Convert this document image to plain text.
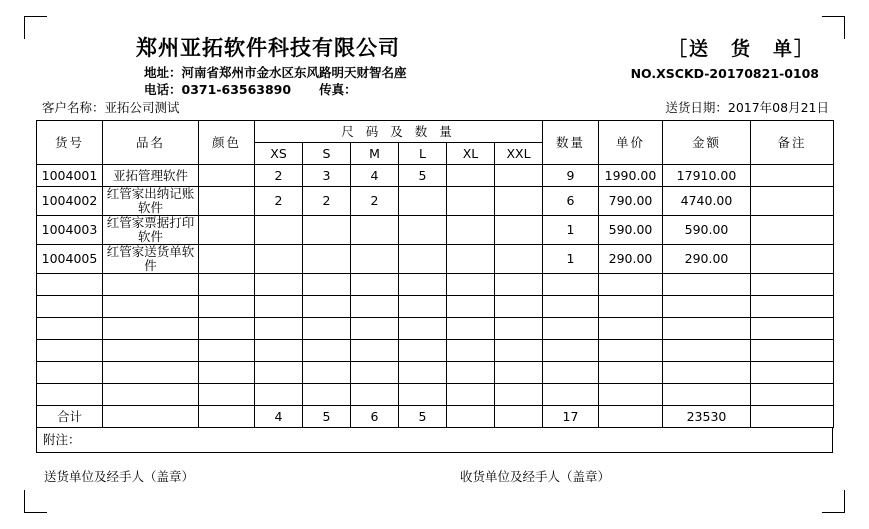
郑州亚拓软件科技有限公司
地址：河南省郑州市金水区东风路明天财智名座
电话：0371-63563890 传真：
［送　货　单］
NO.XSCKD-20170821-0108
客户名称：亚拓公司测试	送货日期：2017年08月21日
货号	品名	颜色	尺 码 及 数 量						数量	单价	金额	备注
			XS	S	M	L	XL	XXL				
1004001	亚拓管理软件		2	3	4	5			9	1990.00	17910.00	
1004002	红管家出纳记账软件		2	2	2				6	790.00	4740.00	
1004003	红管家票据打印软件								1	590.00	590.00	
1004005	红管家送货单软件								1	290.00	290.00	

合计			4	5	6	5			17		23530	
附注：
送货单位及经手人（盖章）	收货单位及经手人（盖章）
